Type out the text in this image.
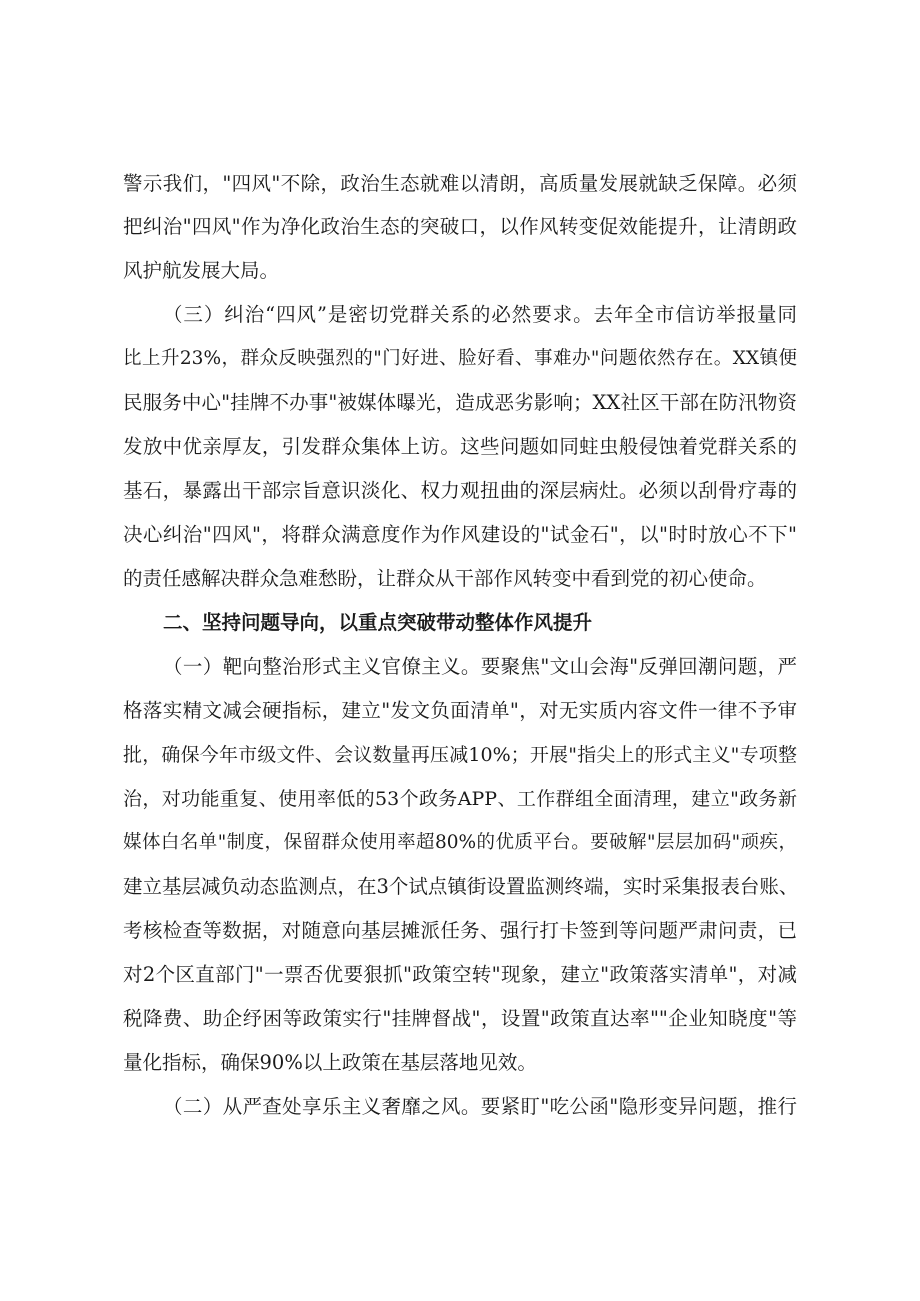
警示我们，"四风"不除，政治生态就难以清朗，高质量发展就缺乏保障。必须
把纠治"四风"作为净化政治生态的突破口，以作风转变促效能提升，让清朗政
风护航发展大局。
（三）纠治“四风”是密切党群关系的必然要求。去年全市信访举报量同
比上升23%，群众反映强烈的"门好进、脸好看、事难办"问题依然存在。XX镇便
民服务中心"挂牌不办事"被媒体曝光，造成恶劣影响；XX社区干部在防汛物资
发放中优亲厚友，引发群众集体上访。这些问题如同蛀虫般侵蚀着党群关系的
基石，暴露出干部宗旨意识淡化、权力观扭曲的深层病灶。必须以刮骨疗毒的
决心纠治"四风"，将群众满意度作为作风建设的"试金石"，以"时时放心不下"
的责任感解决群众急难愁盼，让群众从干部作风转变中看到党的初心使命。
二、坚持问题导向，以重点突破带动整体作风提升
（一）靶向整治形式主义官僚主义。要聚焦"文山会海"反弹回潮问题，严
格落实精文减会硬指标，建立"发文负面清单"，对无实质内容文件一律不予审
批，确保今年市级文件、会议数量再压减10%；开展"指尖上的形式主义"专项整
治，对功能重复、使用率低的53个政务APP、工作群组全面清理，建立"政务新
媒体白名单"制度，保留群众使用率超80%的优质平台。要破解"层层加码"顽疾，
建立基层减负动态监测点，在3个试点镇街设置监测终端，实时采集报表台账、
考核检查等数据，对随意向基层摊派任务、强行打卡签到等问题严肃问责，已
对2个区直部门"一票否优要狠抓"政策空转"现象，建立"政策落实清单"，对减
税降费、助企纾困等政策实行"挂牌督战"，设置"政策直达率""企业知晓度"等
量化指标，确保90%以上政策在基层落地见效。
（二）从严查处享乐主义奢靡之风。要紧盯"吃公函"隐形变异问题，推行
